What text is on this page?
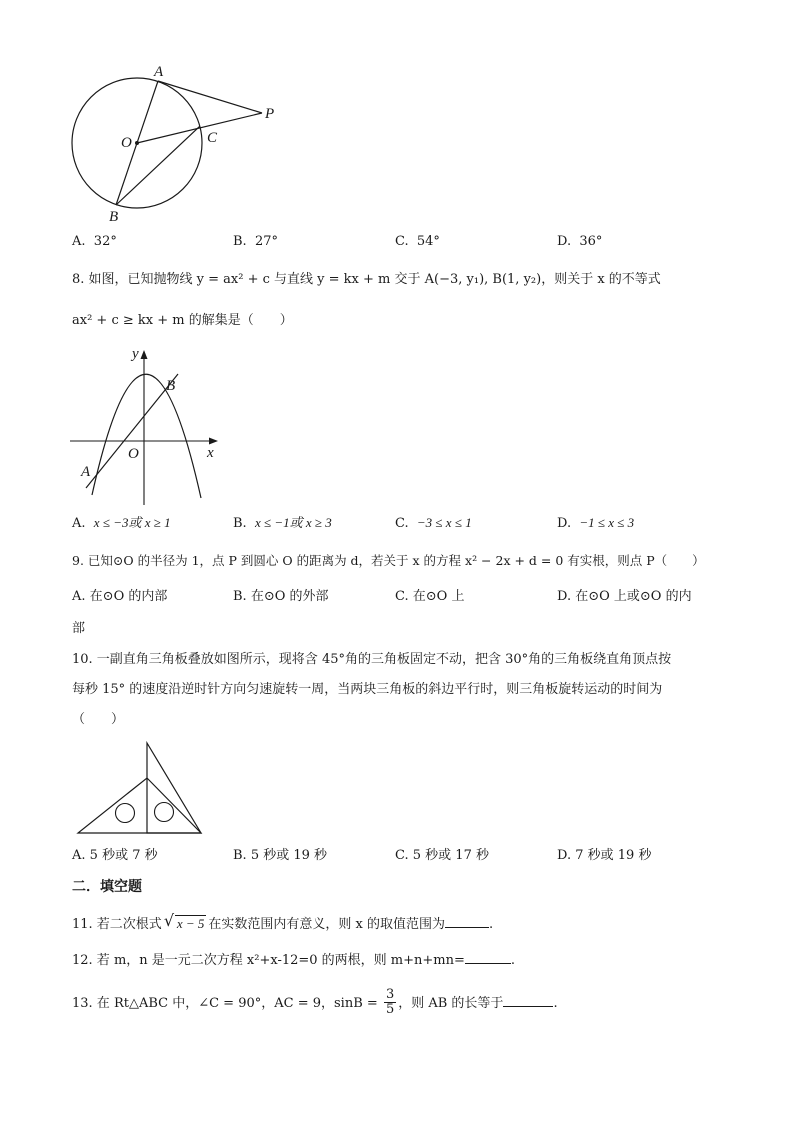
A
P
O	C
B
A. 32°	B. 27°	C. 54°	D. 36°
8. 如图，已知抛物线 y = ax² + c 与直线 y = kx + m 交于 A(−3, y₁), B(1, y₂)，则关于 x 的不等式
ax² + c ≥ kx + m 的解集是（　　）
y
x
O
A
B
A. x ≤ −3或 x ≥ 1	B. x ≤ −1或 x ≥ 3	C. −3 ≤ x ≤ 1	D. −1 ≤ x ≤ 3
9. 已知⊙O 的半径为 1，点 P 到圆心 O 的距离为 d，若关于 x 的方程 x² − 2x + d = 0 有实根，则点 P（　　）
A. 在⊙O 的内部	B. 在⊙O 的外部	C. 在⊙O 上	D. 在⊙O 上或⊙O 的内
部
10. 一副直角三角板叠放如图所示，现将含 45°角的三角板固定不动，把含 30°角的三角板绕直角顶点按
每秒 15° 的速度沿逆时针方向匀速旋转一周，当两块三角板的斜边平行时，则三角板旋转运动的时间为
（　　）
A. 5 秒或 7 秒	B. 5 秒或 19 秒	C. 5 秒或 17 秒	D. 7 秒或 19 秒
二．填空题
11. 若二次根式 √ x − 5 在实数范围内有意义，则 x 的取值范围为	.
12. 若 m，n 是一元二次方程 x²+x-12=0 的两根，则 m+n+mn=	.
13. 在 Rt△ABC 中，∠C = 90°，AC = 9，$\sin B = \frac{3}{5}$ ，则 AB 的长等于	.
